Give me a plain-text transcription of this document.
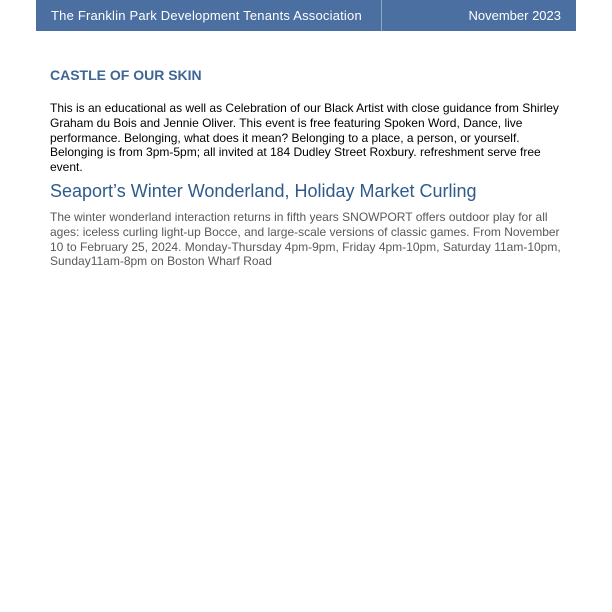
The Franklin Park Development Tenants Association	November 2023
CASTLE OF OUR SKIN

This is an educational as well as Celebration of our Black Artist with close guidance from Shirley Graham du Bois and Jennie Oliver. This event is free featuring Spoken Word, Dance, live performance. Belonging, what does it mean? Belonging to a place, a person, or yourself. Belonging is from 3pm-5pm; all invited at 184 Dudley Street Roxbury. refreshment serve free event.

Seaport’s Winter Wonderland, Holiday Market Curling

The winter wonderland interaction returns in fifth years SNOWPORT offers outdoor play for all ages: iceless curling light-up Bocce, and large-scale versions of classic games. From November 10 to February 25, 2024. Monday-Thursday 4pm-9pm, Friday 4pm-10pm, Saturday 11am-10pm, Sunday11am-8pm on Boston Wharf Road
